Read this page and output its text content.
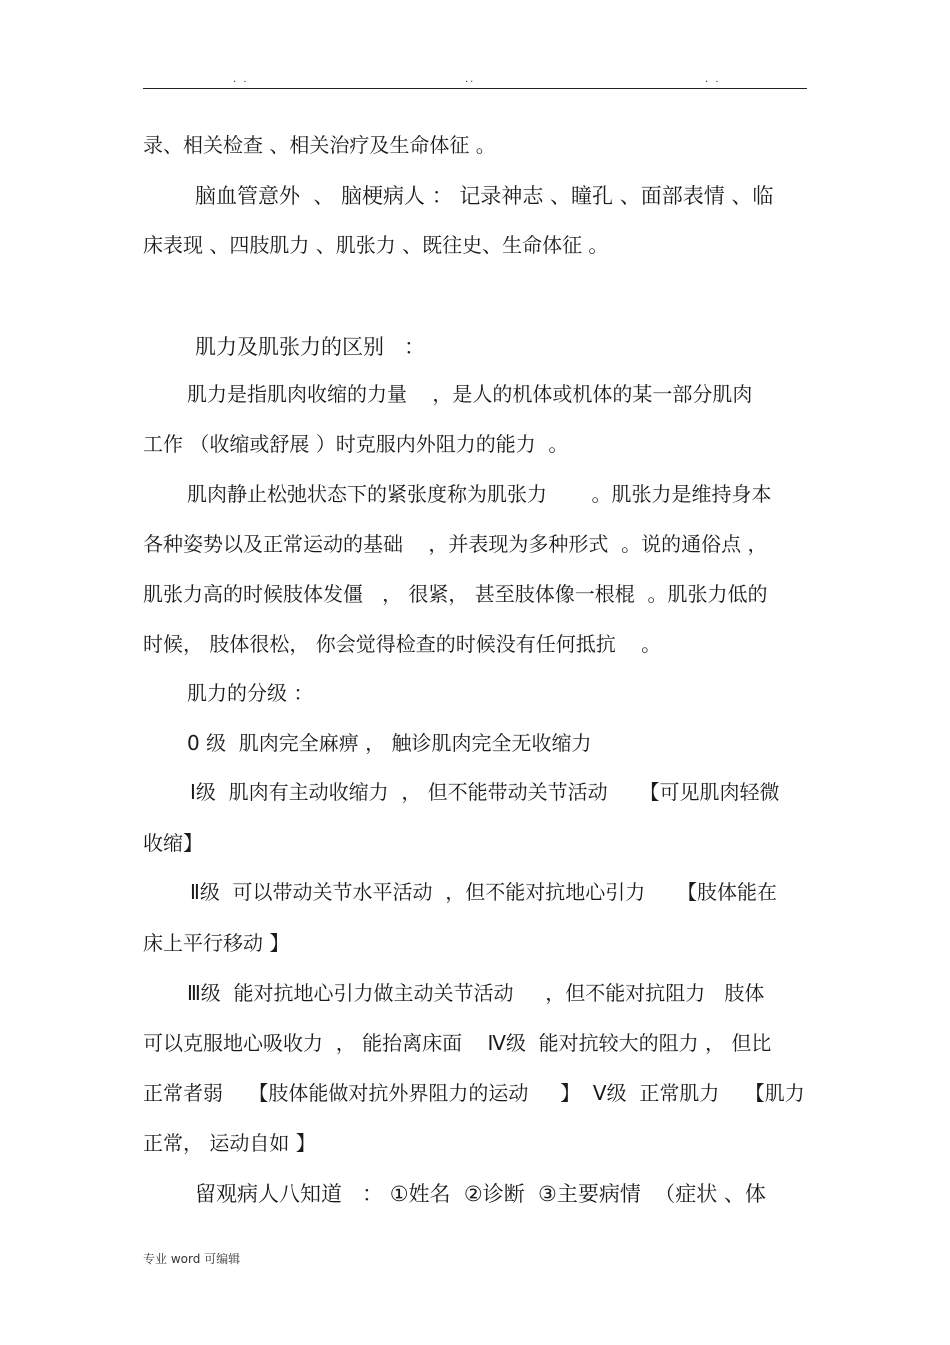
. .	..	. .
录、相关检查 、相关治疗及生命体征 。
脑血管意外  、 脑梗病人 ： 记录神志 、瞳孔 、面部表情 、临
床表现 、四肢肌力 、肌张力 、既往史、生命体征 。
肌力及肌张力的区别   ：
肌力是指肌肉收缩的力量    ，是人的机体或机体的某一部分肌肉
工作 （收缩或舒展 ）时克服内外阻力的能力  。
肌肉静止松弛状态下的紧张度称为肌张力       。肌张力是维持身本
各种姿势以及正常运动的基础    ，并表现为多种形式  。说的通俗点 ，
肌张力高的时候肢体发僵   ， 很紧， 甚至肢体像一根棍  。肌张力低的
时候， 肢体很松， 你会觉得检查的时候没有任何抵抗    。
肌力的分级 ：
0 级  肌肉完全麻痹 ， 触诊肌肉完全无收缩力
Ⅰ级  肌肉有主动收缩力  ， 但不能带动关节活动     【可见肌肉轻微
收缩】
Ⅱ级  可以带动关节水平活动  ，但不能对抗地心引力     【肢体能在
床上平行移动 】
Ⅲ级  能对抗地心引力做主动关节活动     ，但不能对抗阻力   肢体
可以克服地心吸收力  ， 能抬离床面    Ⅳ级  能对抗较大的阻力 ， 但比
正常者弱    【肢体能做对抗外界阻力的运动     】  Ⅴ级  正常肌力    【肌力
正常， 运动自如 】
留观病人八知道   ： ①姓名  ②诊断  ③主要病情  （症状 、体
专业 word 可编辑
